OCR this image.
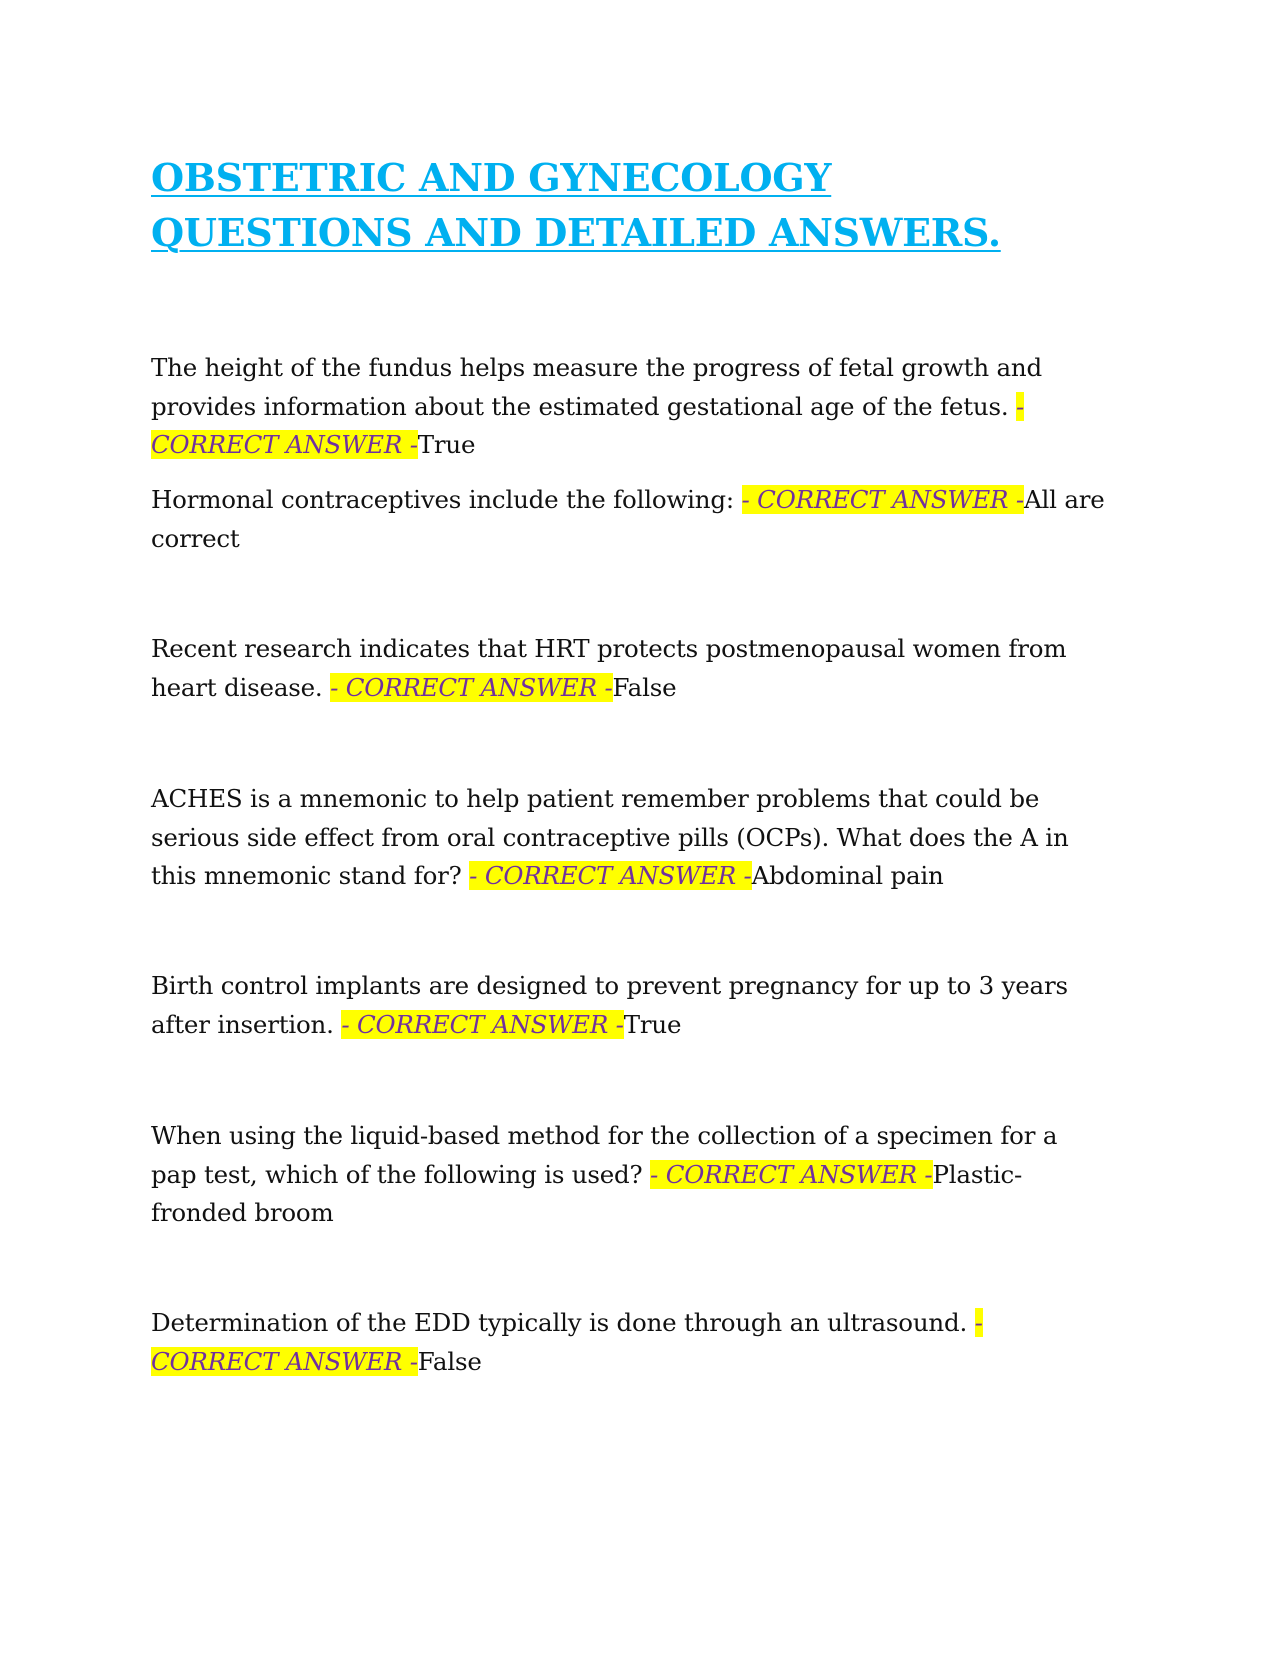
OBSTETRIC AND GYNECOLOGY
QUESTIONS AND DETAILED ANSWERS.
The height of the fundus helps measure the progress of fetal growth and
provides information about the estimated gestational age of the fetus. -
CORRECT ANSWER -True
Hormonal contraceptives include the following: - CORRECT ANSWER -All are
correct
Recent research indicates that HRT protects postmenopausal women from
heart disease. - CORRECT ANSWER -False
ACHES is a mnemonic to help patient remember problems that could be
serious side effect from oral contraceptive pills (OCPs). What does the A in
this mnemonic stand for? - CORRECT ANSWER -Abdominal pain
Birth control implants are designed to prevent pregnancy for up to 3 years
after insertion. - CORRECT ANSWER -True
When using the liquid-based method for the collection of a specimen for a
pap test, which of the following is used? - CORRECT ANSWER -Plastic-
fronded broom
Determination of the EDD typically is done through an ultrasound. -
CORRECT ANSWER -False
